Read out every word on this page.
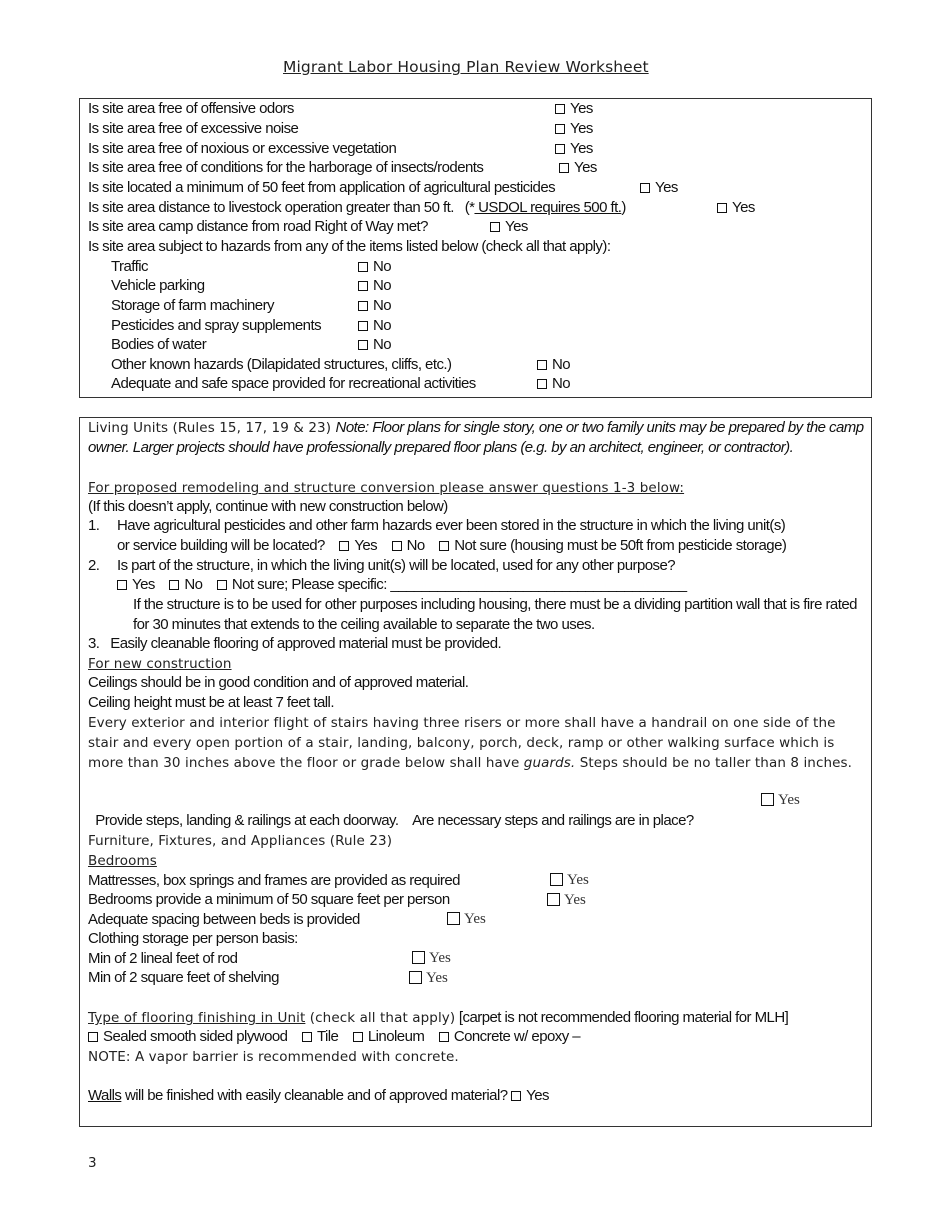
Migrant Labor Housing Plan Review Worksheet
Is site area free of offensive odors	Yes
Is site area free of excessive noise	Yes
Is site area free of noxious or excessive vegetation	Yes
Is site area free of conditions for the harborage of insects/rodents	Yes
Is site located a minimum of 50 feet from application of agricultural pesticides	Yes
Is site area distance to livestock operation greater than 50 ft. (* USDOL requires 500 ft.)	Yes
Is site area camp distance from road Right of Way met?	Yes
Is site area subject to hazards from any of the items listed below (check all that apply):
Traffic	No
Vehicle parking	No
Storage of farm machinery	No
Pesticides and spray supplements	No
Bodies of water	No
Other known hazards (Dilapidated structures, cliffs, etc.)	No
Adequate and safe space provided for recreational activities	No
Living Units (Rules 15, 17, 19 & 23) Note: Floor plans for single story, one or two family units may be prepared by the camp owner. Larger projects should have professionally prepared floor plans (e.g. by an architect, engineer, or contractor).
For proposed remodeling and structure conversion please answer questions 1-3 below:
(If this doesn’t apply, continue with new construction below)
1. Have agricultural pesticides and other farm hazards ever been stored in the structure in which the living unit(s)
or service building will be located? Yes No Not sure (housing must be 50ft from pesticide storage)
2. Is part of the structure, in which the living unit(s) will be located, used for any other purpose?
Yes No Not sure; Please specific: ______________________________________
If the structure is to be used for other purposes including housing, there must be a dividing partition wall that is fire rated for 30 minutes that extends to the ceiling available to separate the two uses.
3.   Easily cleanable flooring of approved material must be provided.
For new construction
Ceilings should be in good condition and of approved material.
Ceiling height must be at least 7 feet tall.
Every exterior and interior flight of stairs having three risers or more shall have a handrail on one side of the stair and every open portion of a stair, landing, balcony, porch, deck, ramp or other walking surface which is more than 30 inches above the floor or grade below shall have guards. Steps should be no taller than 8 inches.

Provide steps, landing & railings at each doorway.    Are necessary steps and railings are in place?

Yes
Furniture, Fixtures, and Appliances (Rule 23)
Bedrooms
Mattresses, box springs and frames are provided as required	Yes
Bedrooms provide a minimum of 50 square feet per person	Yes
Adequate spacing between beds is provided	Yes
Clothing storage per person basis:
Min of 2 lineal feet of rod	Yes
Min of 2 square feet of shelving	Yes
Type of flooring finishing in Unit (check all that apply) [carpet is not recommended flooring material for MLH]
Sealed smooth sided plywood Tile Linoleum Concrete w/ epoxy –
NOTE: A vapor barrier is recommended with concrete.
Walls will be finished with easily cleanable and of approved material? Yes
3
